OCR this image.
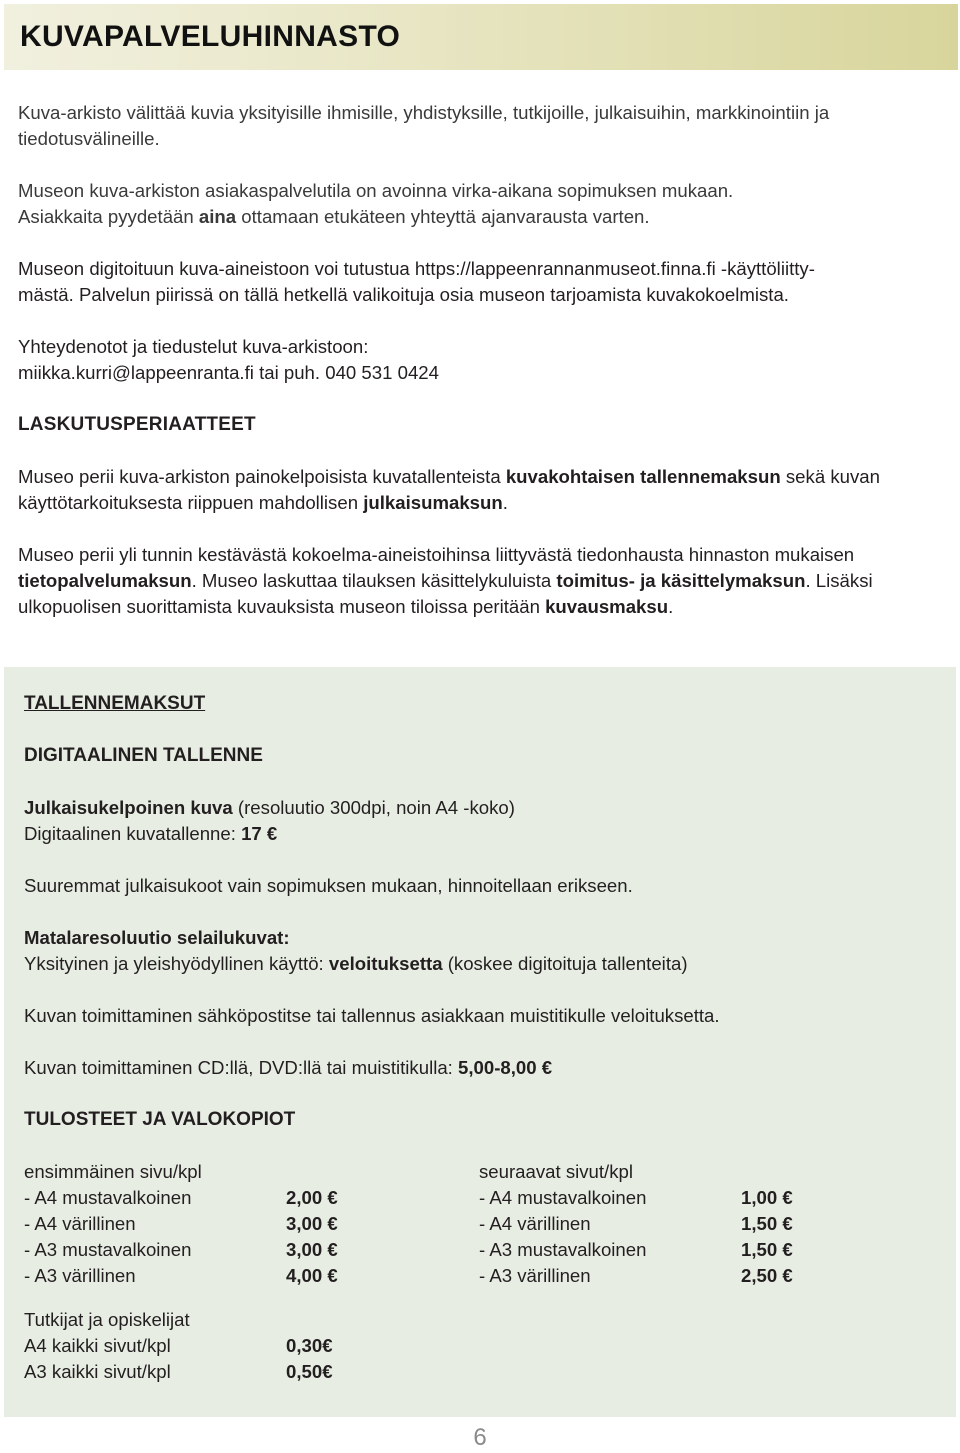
KUVAPALVELUHINNASTO

Kuva-arkisto välittää kuvia yksityisille ihmisille, yhdistyksille, tutkijoille, julkaisuihin, markkinointiin ja tiedotusvälineille.

Museon kuva-arkiston asiakaspalvelutila on avoinna virka-aikana sopimuksen mukaan.
Asiakkaita pyydetään aina ottamaan etukäteen yhteyttä ajanvarausta varten.

Museon digitoituun kuva-aineistoon voi tutustua https://lappeenrannanmuseot.finna.fi -käyttöliitty-
mästä. Palvelun piirissä on tällä hetkellä valikoituja osia museon tarjoamista kuvakokoelmista.

Yhteydenotot ja tiedustelut kuva-arkistoon:
miikka.kurri@lappeenranta.fi tai puh. 040 531 0424

LASKUTUSPERIAATTEET

Museo perii kuva-arkiston painokelpoisista kuvatallenteista kuvakohtaisen tallennemaksun sekä kuvan käyttötarkoituksesta riippuen mahdollisen julkaisumaksun.

Museo perii yli tunnin kestävästä kokoelma-aineistoihinsa liittyvästä tiedonhausta hinnaston mukaisen tietopalvelumaksun. Museo laskuttaa tilauksen käsittelykuluista toimitus- ja käsittelymaksun. Lisäksi ulkopuolisen suorittamista kuvauksista museon tiloissa peritään kuvausmaksu.

TALLENNEMAKSUT

DIGITAALINEN TALLENNE

Julkaisukelpoinen kuva (resoluutio 300dpi, noin A4 -koko)
Digitaalinen kuvatallenne: 17 €

Suuremmat julkaisukoot vain sopimuksen mukaan, hinnoitellaan erikseen.

Matalaresoluutio selailukuvat:
Yksityinen ja yleishyödyllinen käyttö: veloituksetta (koskee digitoituja tallenteita)

Kuvan toimittaminen sähköpostitse tai tallennus asiakkaan muistitikulle veloituksetta.

Kuvan toimittaminen CD:llä, DVD:llä tai muistitikulla: 5,00-8,00 €

TULOSTEET JA VALOKOPIOT

ensimmäinen sivu/kpl
- A4 mustavalkoinen	2,00 €
- A4 värillinen	3,00 €
- A3 mustavalkoinen	3,00 €
- A3 värillinen	4,00 €
seuraavat sivut/kpl
- A4 mustavalkoinen	1,00 €
- A4 värillinen	1,50 €
- A3 mustavalkoinen	1,50 €
- A3 värillinen	2,50 €
Tutkijat ja opiskelijat
A4 kaikki sivut/kpl	0,30€
A3 kaikki sivut/kpl	0,50€
6
